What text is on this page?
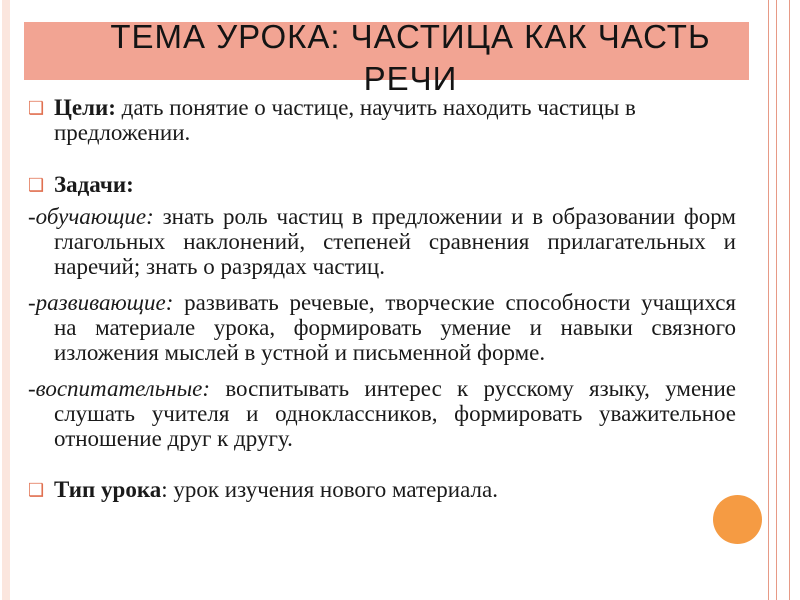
ТЕМА УРОКА: ЧАСТИЦА КАК ЧАСТЬ
РЕЧИ
❑ Цели: дать понятие о частице, научить находить частицы в предложении.
❑ Задачи:
-обучающие: знать роль частиц в предложении и в образовании форм глагольных наклонений, степеней сравнения прилагательных и наречий; знать о разрядах частиц.
-развивающие: развивать речевые, творческие способности учащихся на материале урока, формировать умение и навыки связного изложения мыслей в устной и письменной форме.
-воспитательные: воспитывать интерес к русскому языку, умение слушать учителя и одноклассников, формировать уважительное отношение друг к другу.
❑ Тип урока: урок изучения нового материала.
